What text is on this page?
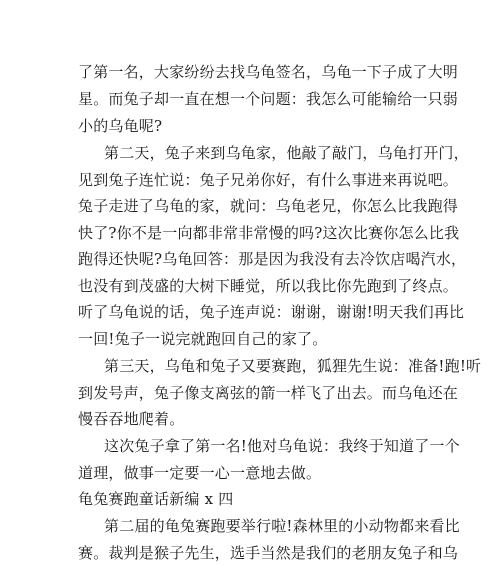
了第一名，大家纷纷去找乌龟签名，乌龟一下子成了大明
星。而兔子却一直在想一个问题：我怎么可能输给一只弱
小的乌龟呢?
第二天，兔子来到乌龟家，他敲了敲门，乌龟打开门，
见到兔子连忙说：兔子兄弟你好，有什么事进来再说吧。
兔子走进了乌龟的家，就问：乌龟老兄，你怎么比我跑得
快了?你不是一向都非常非常慢的吗?这次比赛你怎么比我
跑得还快呢?乌龟回答：那是因为我没有去冷饮店喝汽水，
也没有到茂盛的大树下睡觉，所以我比你先跑到了终点。
听了乌龟说的话，兔子连声说：谢谢，谢谢!明天我们再比
一回!兔子一说完就跑回自己的家了。
第三天，乌龟和兔子又要赛跑，狐狸先生说：准备!跑!听
到发号声，兔子像支离弦的箭一样飞了出去。而乌龟还在
慢吞吞地爬着。
这次兔子拿了第一名!他对乌龟说：我终于知道了一个
道理，做事一定要一心一意地去做。
龟兔赛跑童话新编 x 四
第二届的龟兔赛跑要举行啦!森林里的小动物都来看比
赛。裁判是猴子先生，选手当然是我们的老朋友兔子和乌
